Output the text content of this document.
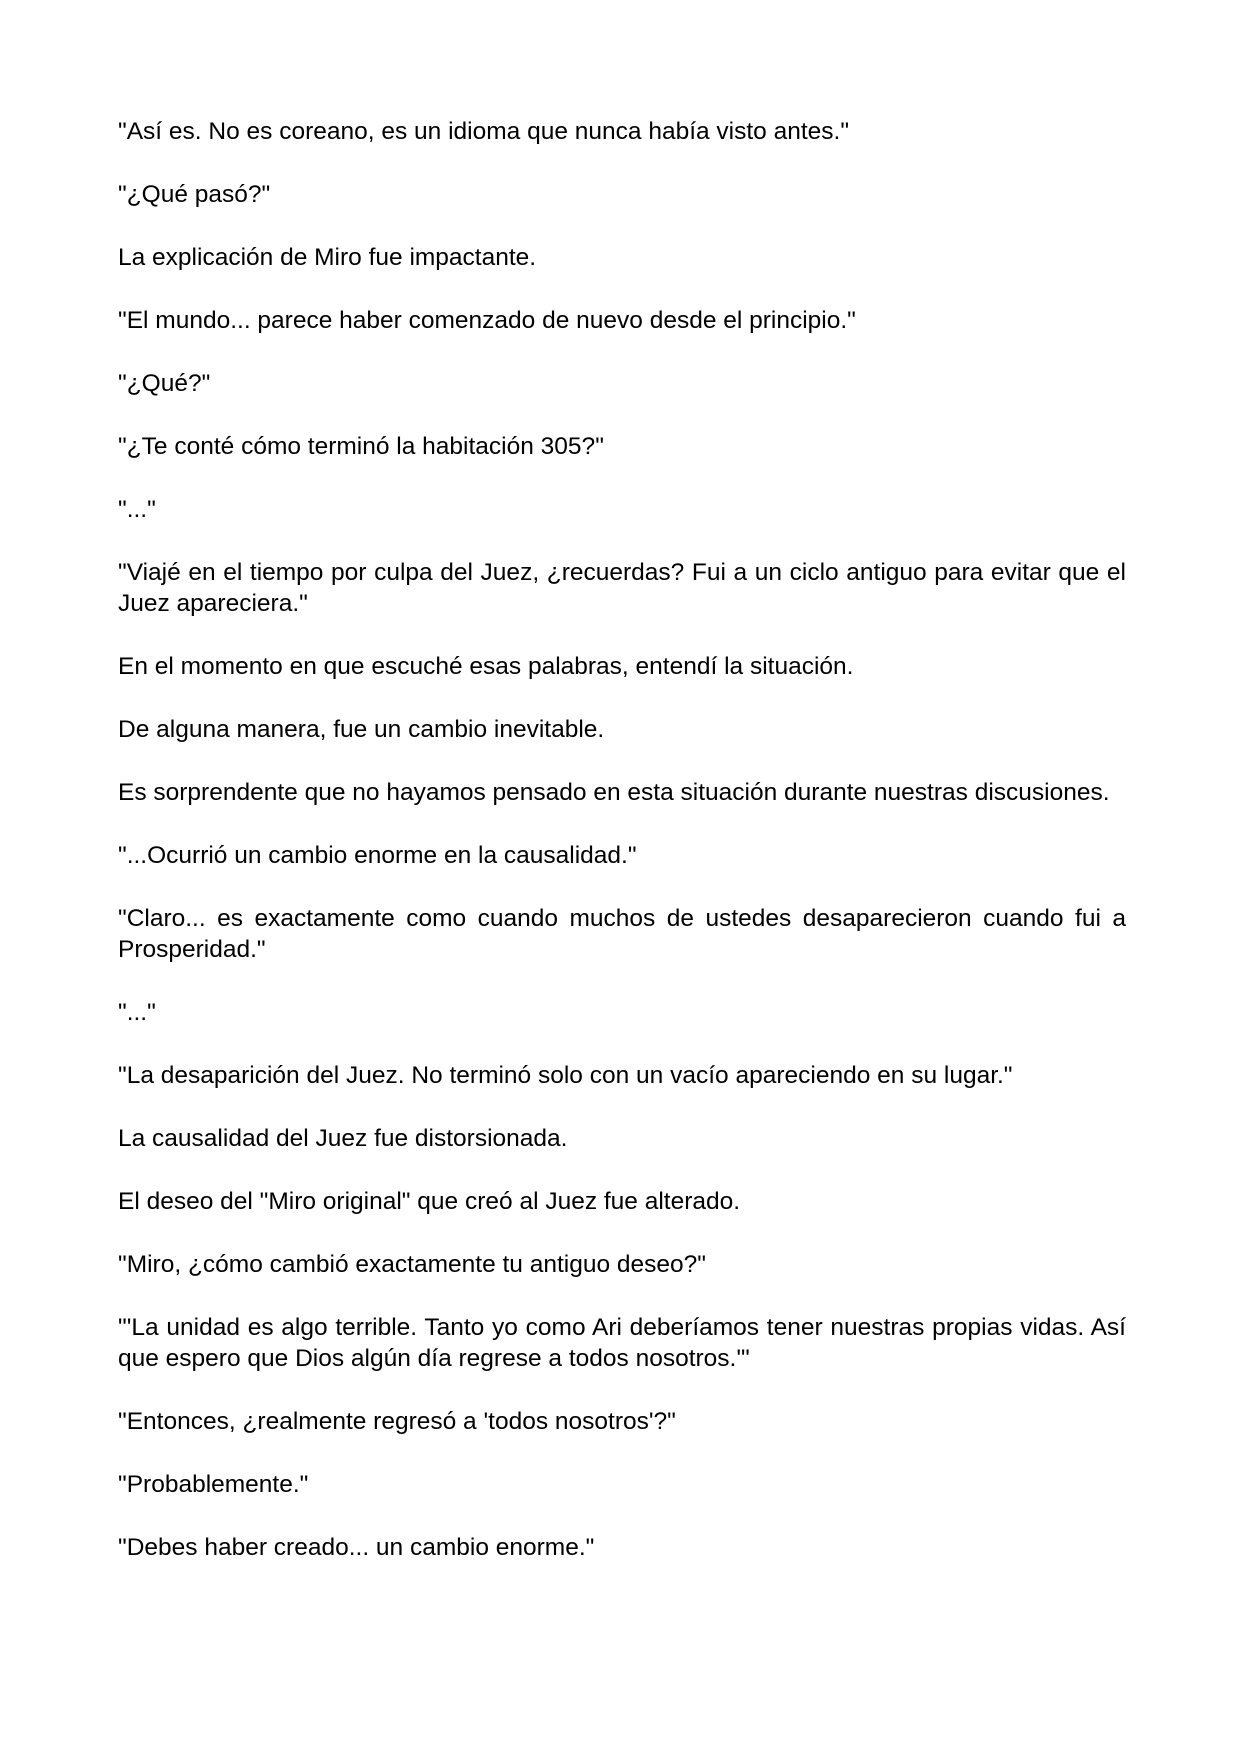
"Así es. No es coreano, es un idioma que nunca había visto antes."

"¿Qué pasó?"

La explicación de Miro fue impactante.

"El mundo... parece haber comenzado de nuevo desde el principio."

"¿Qué?"

"¿Te conté cómo terminó la habitación 305?"

"..."

"Viajé en el tiempo por culpa del Juez, ¿recuerdas? Fui a un ciclo antiguo para evitar que el Juez apareciera."

En el momento en que escuché esas palabras, entendí la situación.

De alguna manera, fue un cambio inevitable.

Es sorprendente que no hayamos pensado en esta situación durante nuestras discusiones.

"...Ocurrió un cambio enorme en la causalidad."

"Claro... es exactamente como cuando muchos de ustedes desaparecieron cuando fui a Prosperidad."

"..."

"La desaparición del Juez. No terminó solo con un vacío apareciendo en su lugar."

La causalidad del Juez fue distorsionada.

El deseo del "Miro original" que creó al Juez fue alterado.

"Miro, ¿cómo cambió exactamente tu antiguo deseo?"

"'La unidad es algo terrible. Tanto yo como Ari deberíamos tener nuestras propias vidas. Así que espero que Dios algún día regrese a todos nosotros.'"

"Entonces, ¿realmente regresó a 'todos nosotros'?"

"Probablemente."

"Debes haber creado... un cambio enorme."
